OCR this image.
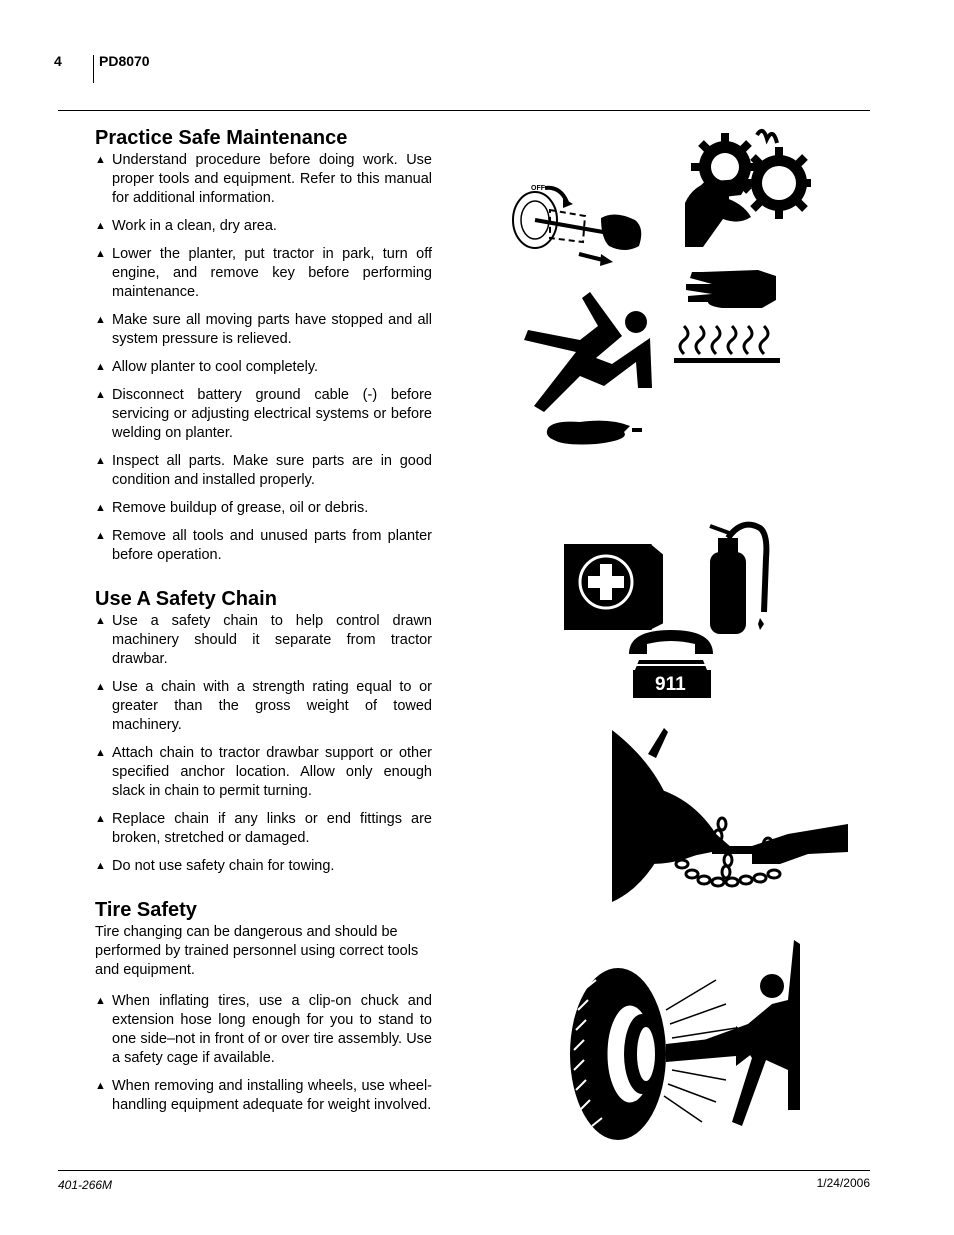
4	PD8070
Practice Safe Maintenance
▲ Understand procedure before doing work. Use proper tools and equipment. Refer to this manual for additional information.
▲ Work in a clean, dry area.
▲ Lower the planter, put tractor in park, turn off engine, and remove key before performing maintenance.
▲ Make sure all moving parts have stopped and all system pressure is relieved.
▲ Allow planter to cool completely.
▲ Disconnect battery ground cable (-) before servicing or adjusting electrical systems or before welding on planter.
▲ Inspect all parts. Make sure parts are in good condition and installed properly.
▲ Remove buildup of grease, oil or debris.
▲ Remove all tools and unused parts from planter before operation.
Use A Safety Chain
▲ Use a safety chain to help control drawn machinery should it separate from tractor drawbar.
▲ Use a chain with a strength rating equal to or greater than the gross weight of towed machinery.
▲ Attach chain to tractor drawbar support or other specified anchor location. Allow only enough slack in chain to permit turning.
▲ Replace chain if any links or end fittings are broken, stretched or damaged.
▲ Do not use safety chain for towing.
Tire Safety

Tire changing can be dangerous and should be performed by trained personnel using correct tools and equipment.

▲ When inflating tires, use a clip-on chuck and extension hose long enough for you to stand to one side–not in front of or over tire assembly. Use a safety cage if available.
▲ When removing and installing wheels, use wheel-handling equipment adequate for weight involved.
OFF
911
401-266M	1/24/2006
